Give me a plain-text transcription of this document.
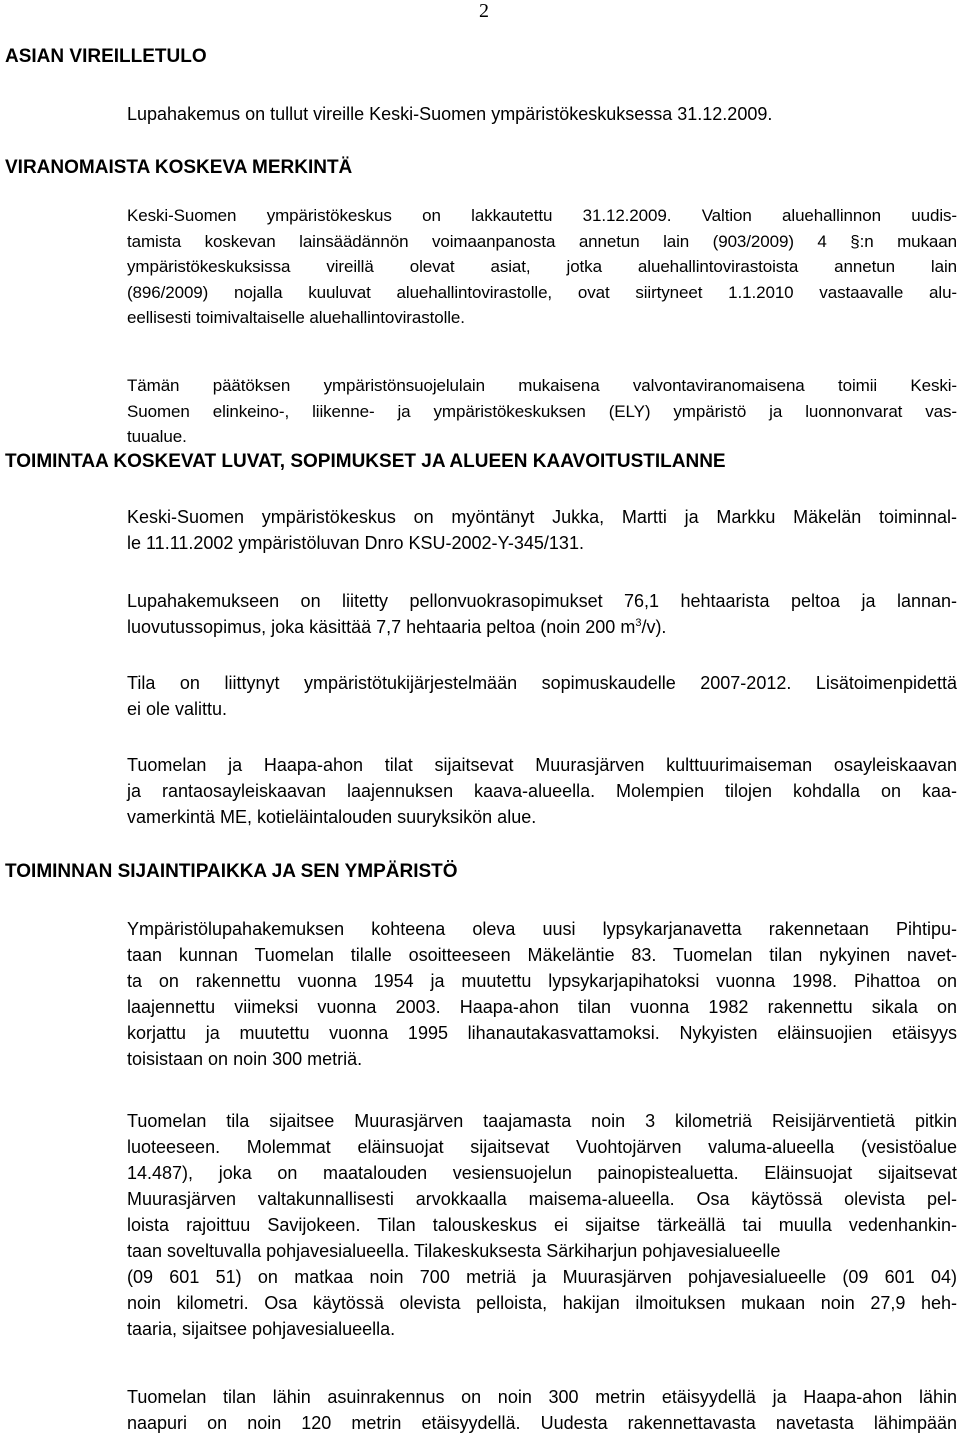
2
ASIAN VIREILLETULO
Lupahakemus on tullut vireille Keski-Suomen ympäristökeskuksessa 31.12.2009.
VIRANOMAISTA KOSKEVA MERKINTÄ
Keski-Suomen ympäristökeskus on lakkautettu 31.12.2009. Valtion aluehallinnon uudis-
tamista koskevan lainsäädännön voimaanpanosta annetun lain (903/2009) 4 §:n mukaan
ympäristökeskuksissa vireillä olevat asiat, jotka aluehallintovirastoista annetun lain
(896/2009) nojalla kuuluvat aluehallintovirastolle, ovat siirtyneet 1.1.2010 vastaavalle alu-
eellisesti toimivaltaiselle aluehallintovirastolle.
Tämän päätöksen ympäristönsuojelulain mukaisena valvontaviranomaisena toimii Keski-
Suomen elinkeino-, liikenne- ja ympäristökeskuksen (ELY) ympäristö ja luonnonvarat vas-
tuualue.
TOIMINTAA KOSKEVAT LUVAT, SOPIMUKSET JA ALUEEN KAAVOITUSTILANNE
Keski-Suomen ympäristökeskus on myöntänyt Jukka, Martti ja Markku Mäkelän toiminnal-
le 11.11.2002 ympäristöluvan Dnro KSU-2002-Y-345/131.
Lupahakemukseen on liitetty pellonvuokrasopimukset 76,1 hehtaarista peltoa ja lannan-
luovutussopimus, joka käsittää 7,7 hehtaaria peltoa (noin 200 $m^3/v$).
Tila on liittynyt ympäristötukijärjestelmään sopimuskaudelle 2007-2012. Lisätoimenpidettä
ei ole valittu.
Tuomelan ja Haapa-ahon tilat sijaitsevat Muurasjärven kulttuurimaiseman osayleiskaavan
ja rantaosayleiskaavan laajennuksen kaava-alueella. Molempien tilojen kohdalla on kaa-
vamerkintä ME, kotieläintalouden suuryksikön alue.
TOIMINNAN SIJAINTIPAIKKA JA SEN YMPÄRISTÖ
Ympäristölupahakemuksen kohteena oleva uusi lypsykarjanavetta rakennetaan Pihtipu-
taan kunnan Tuomelan tilalle osoitteeseen Mäkeläntie 83. Tuomelan tilan nykyinen navet-
ta on rakennettu vuonna 1954 ja muutettu lypsykarjapihatoksi vuonna 1998. Pihattoa on
laajennettu viimeksi vuonna 2003. Haapa-ahon tilan vuonna 1982 rakennettu sikala on
korjattu ja muutettu vuonna 1995 lihanautakasvattamoksi. Nykyisten eläinsuojien etäisyys
toisistaan on noin 300 metriä.
Tuomelan tila sijaitsee Muurasjärven taajamasta noin 3 kilometriä Reisijärventietä pitkin
luoteeseen. Molemmat eläinsuojat sijaitsevat Vuohtojärven valuma-alueella (vesistöalue
14.487), joka on maatalouden vesiensuojelun painopistealuetta. Eläinsuojat sijaitsevat
Muurasjärven valtakunnallisesti arvokkaalla maisema-alueella. Osa käytössä olevista pel-
loista rajoittuu Savijokeen. Tilan talouskeskus ei sijaitse tärkeällä tai muulla vedenhankin-
taan soveltuvalla pohjavesialueella. Tilakeskuksesta Särkiharjun pohjavesialueelle
(09 601 51) on matkaa noin 700 metriä ja Muurasjärven pohjavesialueelle (09 601 04)
noin kilometri. Osa käytössä olevista pelloista, hakijan ilmoituksen mukaan noin 27,9 heh-
taaria, sijaitsee pohjavesialueella.
Tuomelan tilan lähin asuinrakennus on noin 300 metrin etäisyydellä ja Haapa-ahon lähin
naapuri on noin 120 metrin etäisyydellä. Uudesta rakennettavasta navetasta lähimpään
